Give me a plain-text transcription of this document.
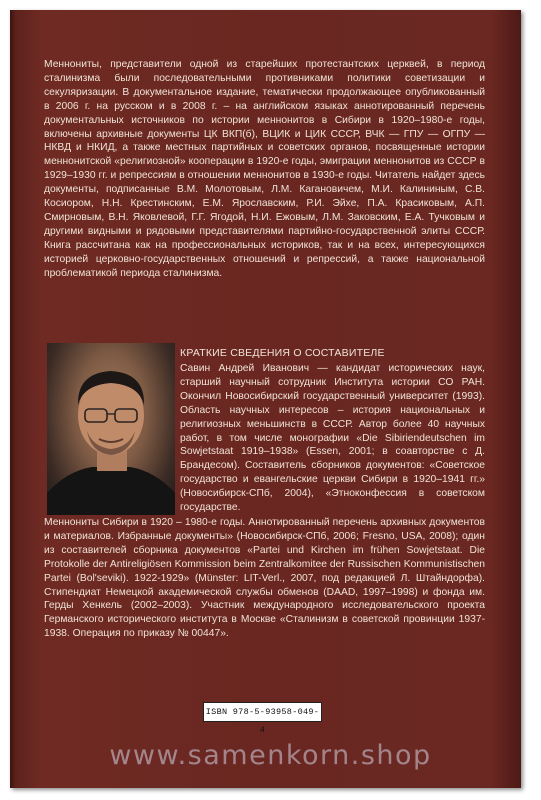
Меннониты, представители одной из старейших протестантских церквей, в период сталинизма были последовательными противниками политики советизации и секуляризации. В документальное издание, тематически продолжающее опубликованный в 2006 г. на русском и в 2008 г. – на английском языках аннотированный перечень документальных источников по истории меннонитов в Сибири в 1920–1980-е годы, включены архивные документы ЦК ВКП(б), ВЦИК и ЦИК СССР, ВЧК — ГПУ — ОГПУ — НКВД и НКИД, а также местных партийных и советских органов, посвященные истории меннонитской «религиозной» кооперации в 1920-е годы, эмиграции меннонитов из СССР в 1929–1930 гг. и репрессиям в отношении меннонитов в 1930-е годы. Читатель найдет здесь документы, подписанные В.М. Молотовым, Л.М. Кагановичем, М.И. Калининым, С.В. Косиором, Н.Н. Крестинским, Е.М. Ярославским, Р.И. Эйхе, П.А. Красиковым, А.П. Смирновым, В.Н. Яковлевой, Г.Г. Ягодой, Н.И. Ежовым, Л.М. Заковским, Е.А. Тучковым и другими видными и рядовыми представителями партийно-государственной элиты СССР. Книга рассчитана как на профессиональных историков, так и на всех, интересующихся историей церковно-государственных отношений и репрессий, а также национальной проблематикой периода сталинизма.
КРАТКИЕ СВЕДЕНИЯ О СОСТАВИТЕЛЕ
Савин Андрей Иванович — кандидат исторических наук, старший научный сотрудник Института истории СО РАН. Окончил Новосибирский государственный университет (1993). Область научных интересов – история национальных и религиозных меньшинств в СССР. Автор более 40 научных работ, в том числе монографии «Die Sibiriendeutschen im Sowjetstaat 1919–1938» (Essen, 2001; в соавторстве с Д. Брандесом). Составитель сборников документов: «Советское государство и евангельские церкви Сибири в 1920–1941 гг.» (Новосибирск-СПб, 2004), «Этноконфессия в советском государстве.
Меннониты Сибири в 1920 – 1980-е годы. Аннотированный перечень архивных документов и материалов. Избранные документы» (Новосибирск-СПб, 2006; Fresno, USA, 2008); один из составителей сборника документов «Partei und Kirchen im frühen Sowjetstaat. Die Protokolle der Antireligiösen Kommission beim Zentralkomitee der Russischen Kommunistischen Partei (Bol'seviki). 1922-1929» (Münster: LIT-Verl., 2007, под редакцией Л. Штайндорфа). Стипендиат Немецкой академической службы обменов (DAAD, 1997–1998) и фонда им. Герды Хенкель (2002–2003). Участник международного исследовательского проекта Германского исторического института в Москве «Сталинизм в советской провинции 1937-1938. Операция по приказу № 00447».
ISBN 978-5-93958-049-4
www.samenkorn.shop
